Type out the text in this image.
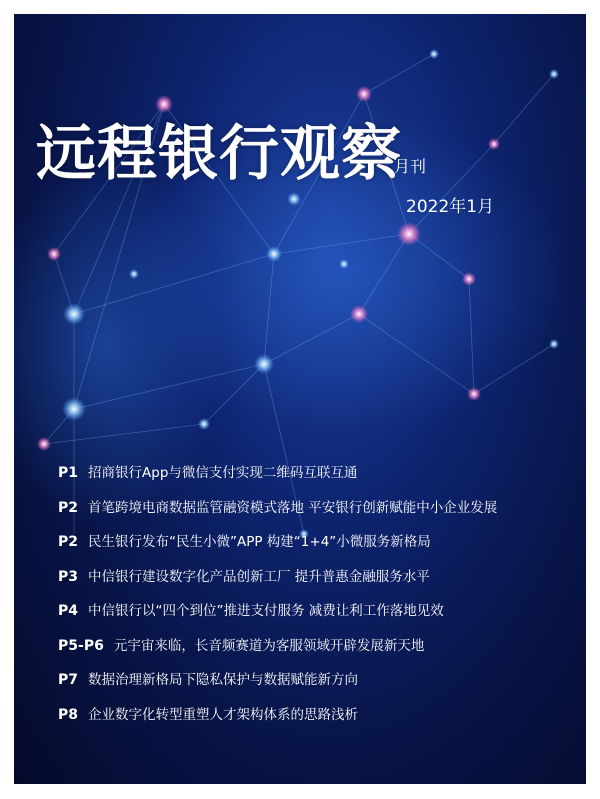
远程银行观察
月刊
2022年1月
P1 招商银行App与微信支付实现二维码互联互通
P2 首笔跨境电商数据监管融资模式落地 平安银行创新赋能中小企业发展
P2 民生银行发布“民生小微”APP 构建“1+4”小微服务新格局
P3 中信银行建设数字化产品创新工厂 提升普惠金融服务水平
P4 中信银行以“四个到位”推进支付服务 减费让利工作落地见效
P5-P6 元宇宙来临，长音频赛道为客服领域开辟发展新天地
P7 数据治理新格局下隐私保护与数据赋能新方向
P8 企业数字化转型重塑人才架构体系的思路浅析
